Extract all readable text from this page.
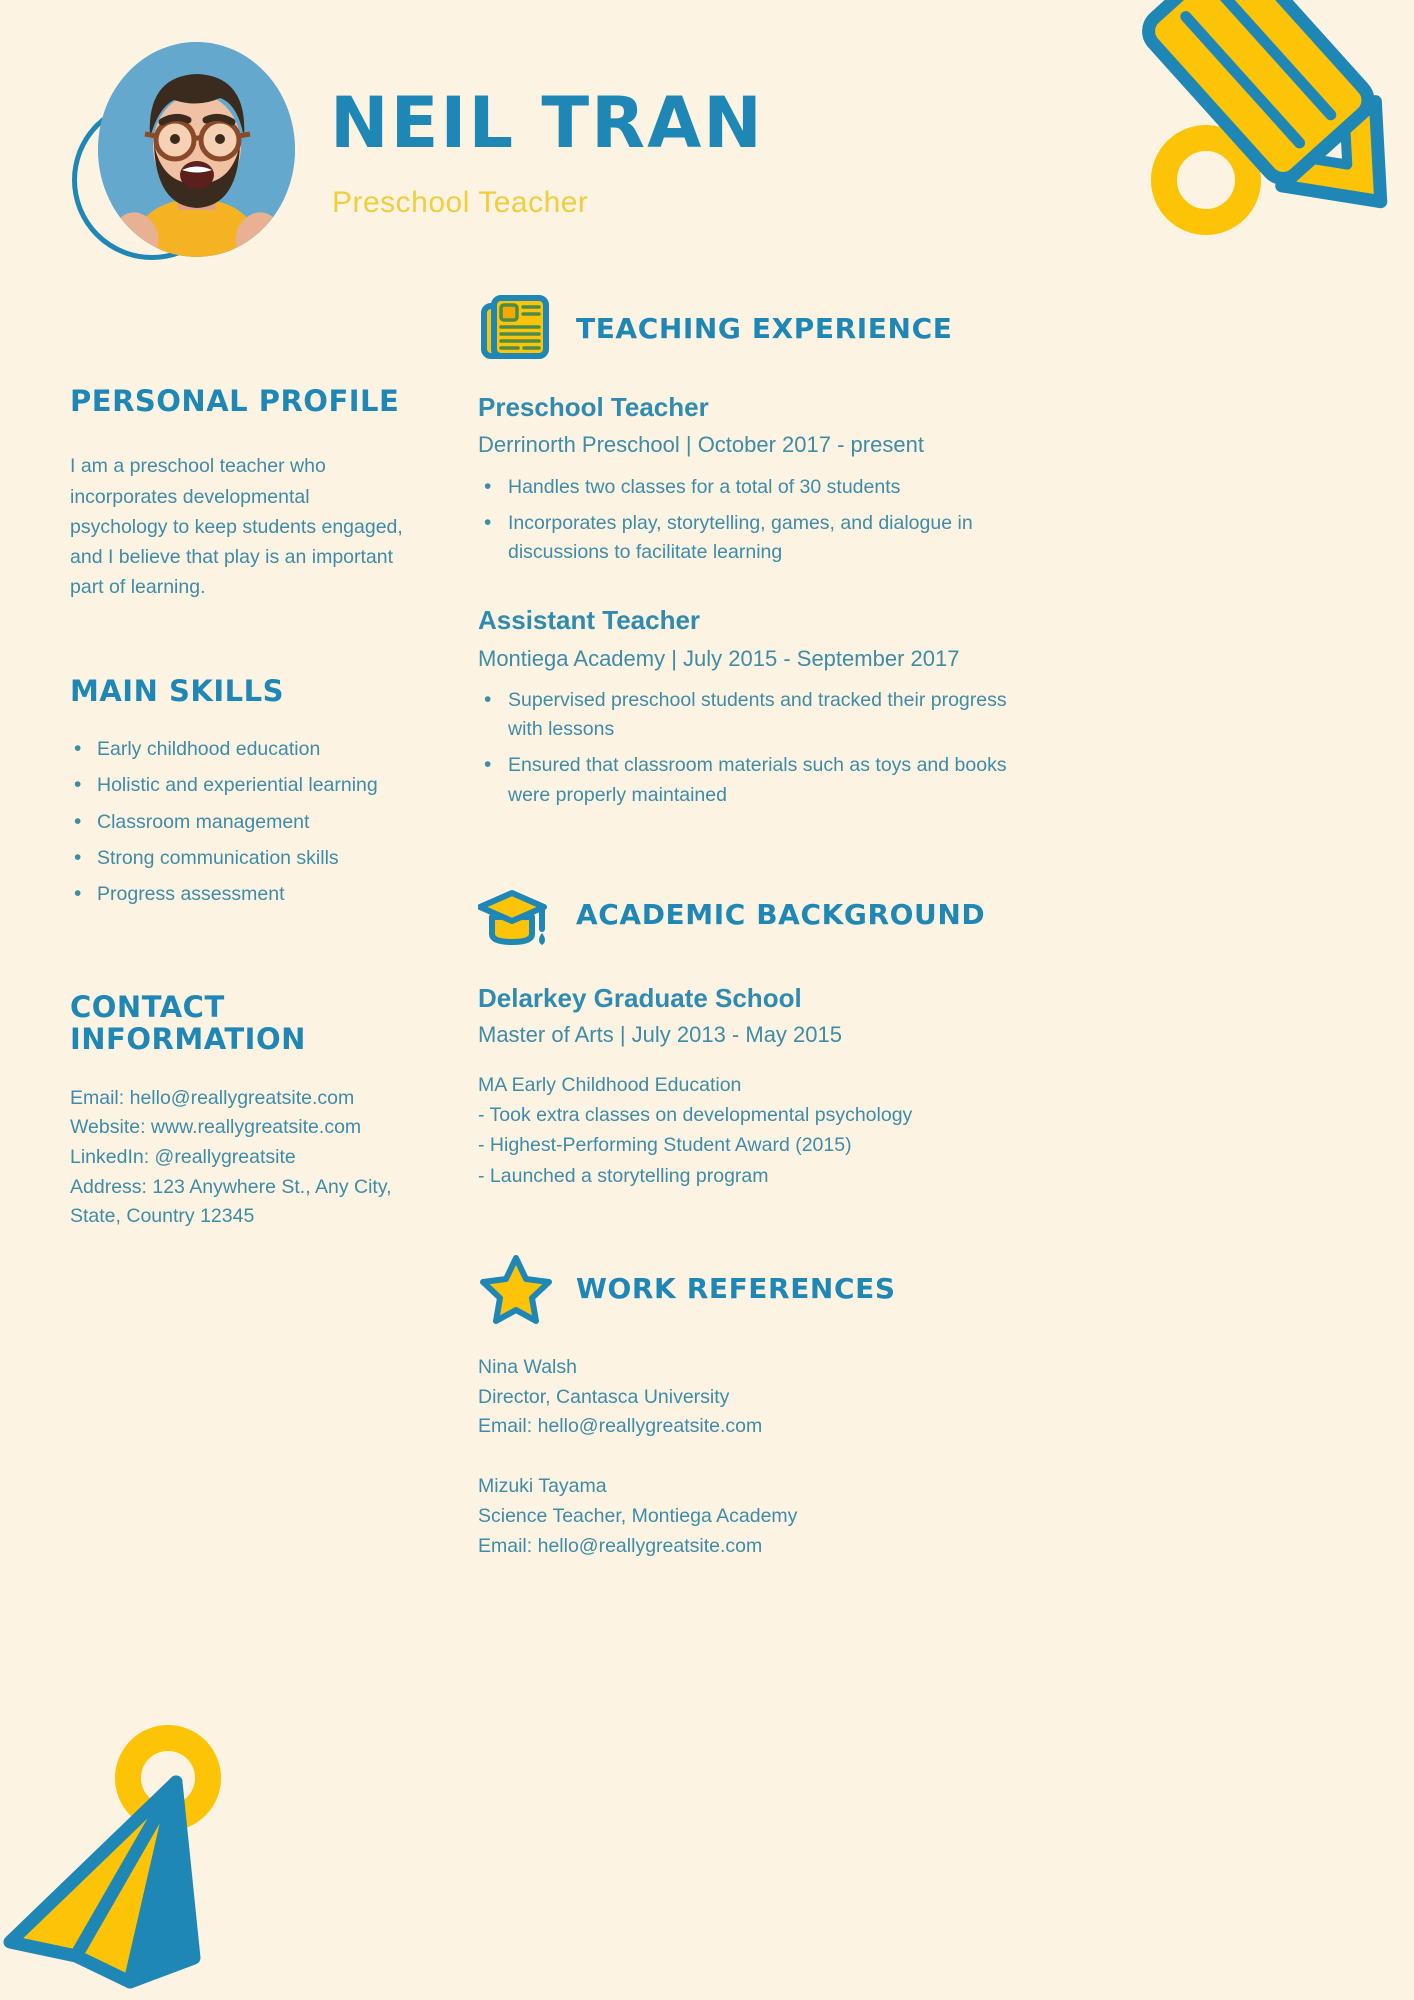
NEIL TRAN
Preschool Teacher
PERSONAL PROFILE

I am a preschool teacher who incorporates developmental psychology to keep students engaged, and I believe that play is an important part of learning.

MAIN SKILLS
• Early childhood education
• Holistic and experiential learning
• Classroom management
• Strong communication skills
• Progress assessment
CONTACT
INFORMATION
Email: hello@reallygreatsite.com
Website: www.reallygreatsite.com
LinkedIn: @reallygreatsite
Address: 123 Anywhere St., Any City,
State, Country 12345
TEACHING EXPERIENCE
Preschool Teacher
Derrinorth Preschool | October 2017 - present
• Handles two classes for a total of 30 students
• Incorporates play, storytelling, games, and dialogue in discussions to facilitate learning
Assistant Teacher
Montiega Academy | July 2015 - September 2017
• Supervised preschool students and tracked their progress with lessons
• Ensured that classroom materials such as toys and books were properly maintained
ACADEMIC BACKGROUND
Delarkey Graduate School
Master of Arts | July 2013 - May 2015
MA Early Childhood Education
- Took extra classes on developmental psychology
- Highest-Performing Student Award (2015)
- Launched a storytelling program
WORK REFERENCES
Nina Walsh
Director, Cantasca University
Email: hello@reallygreatsite.com
Mizuki Tayama
Science Teacher, Montiega Academy
Email: hello@reallygreatsite.com
